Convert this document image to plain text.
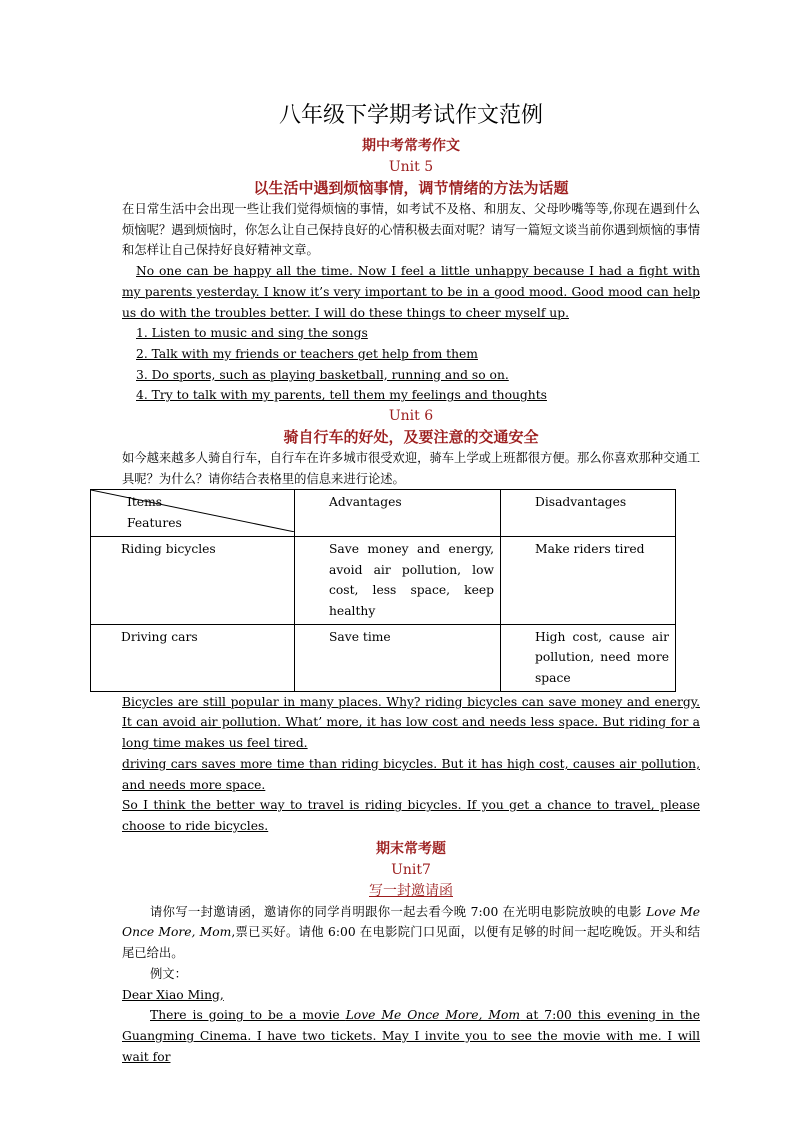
八年级下学期考试作文范例
期中考常考作文
Unit 5
以生活中遇到烦恼事情，调节情绪的方法为话题

在日常生活中会出现一些让我们觉得烦恼的事情，如考试不及格、和朋友、父母吵嘴等等,你现在遇到什么烦恼呢？遇到烦恼时，你怎么让自己保持良好的心情积极去面对呢？请写一篇短文谈当前你遇到烦恼的事情和怎样让自己保持好良好精神文章。

No one can be happy all the time. Now I feel a little unhappy because I had a fight with my parents yesterday. I know it’s very important to be in a good mood. Good mood can help us do with the troubles better. I will do these things to cheer myself up.

1. Listen to music and sing the songs

2. Talk with my friends or teachers get help from them

3. Do sports, such as playing basketball, running and so on.

4. Try to talk with my parents, tell them my feelings and thoughts

Unit 6
骑自行车的好处，及要注意的交通安全

如今越来越多人骑自行车，自行车在许多城市很受欢迎，骑车上学或上班都很方便。那么你喜欢那种交通工具呢？为什么？请你结合表格里的信息来进行论述。

Items
Features	Advantages	Disadvantages
Riding bicycles	Save money and energy, avoid air pollution, low cost, less space, keep healthy	Make riders tired
Driving cars	Save time	High cost, cause air pollution, need more space

Bicycles are still popular in many places. Why? riding bicycles can save money and energy. It can avoid air pollution. What’ more, it has low cost and needs less space. But riding for a long time makes us feel tired.

driving cars saves more time than riding bicycles. But it has high cost, causes air pollution, and needs more space.

So I think the better way to travel is riding bicycles. If you get a chance to travel, please choose to ride bicycles.

期末常考题
Unit7
写一封邀请函

请你写一封邀请函，邀请你的同学肖明跟你一起去看今晚 7:00 在光明电影院放映的电影 Love Me Once More, Mom,票已买好。请他 6:00 在电影院门口见面，以便有足够的时间一起吃晚饭。开头和结尾已给出。

例文：

Dear Xiao Ming,

There is going to be a movie Love Me Once More, Mom at 7:00 this evening in the Guangming Cinema. I have two tickets. May I invite you to see the movie with me. I will wait for
